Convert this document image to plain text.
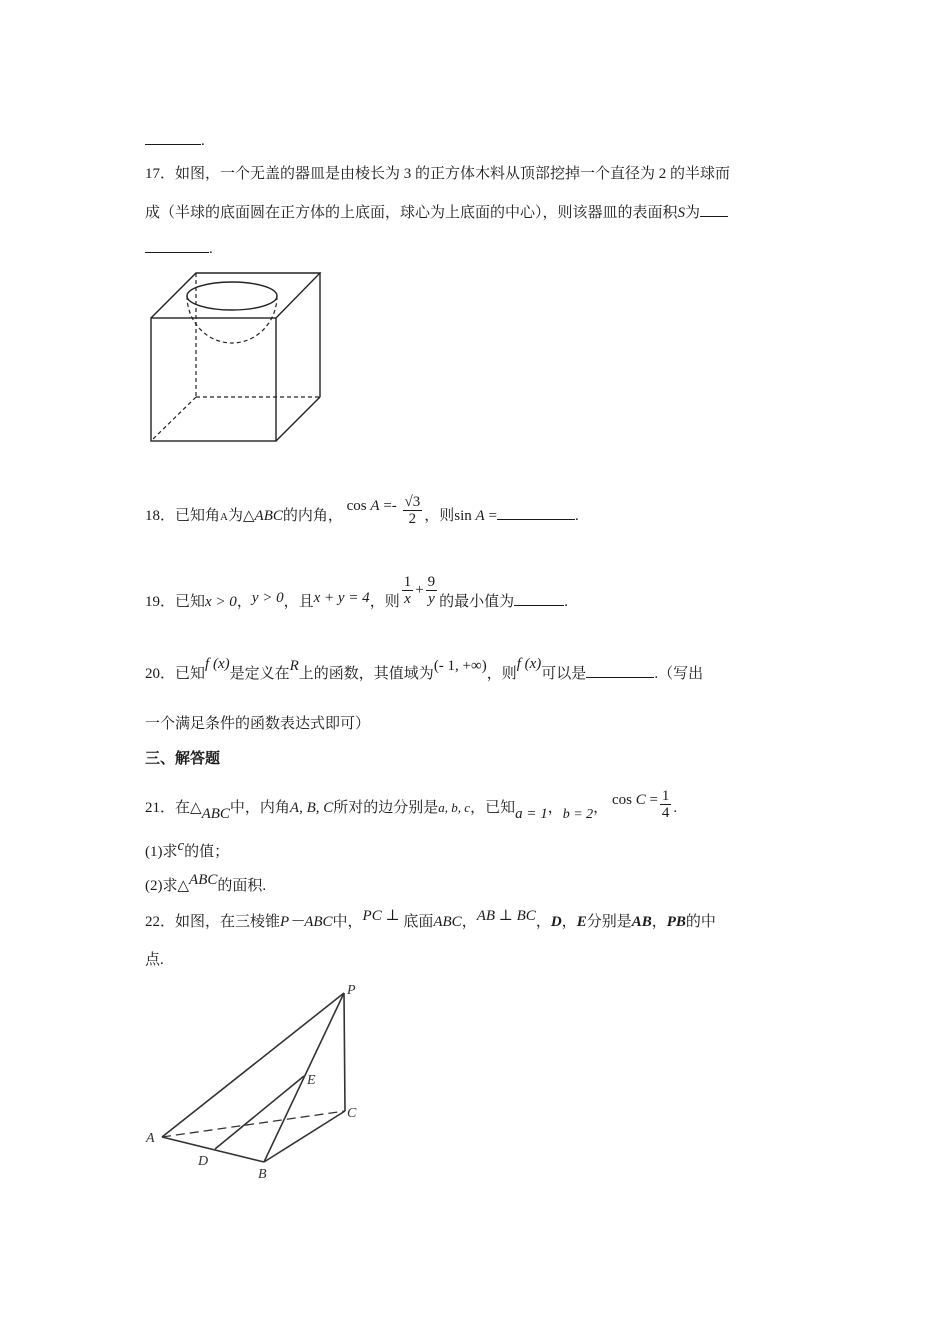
.
17．如图，一个无盖的器皿是由棱长为 3 的正方体木料从顶部挖掉一个直径为 2 的半球而
成（半球的底面圆在正方体的上底面，球心为上底面的中心），则该器皿的表面积S为
.
18．已知角A为△ABC的内角， $\cos A =- \frac{√3}{2}$ ，则sin A =	.
19．已知x > 0，y > 0，且x + y = 4，则 $\frac{1}{x} + \frac{9}{y}$ 的最小值为	.
20．已知f (x)是定义在R上的函数，其值域为(- 1, +∞)，则f (x)可以是	.（写出
一个满足条件的函数表达式即可）
三、解答题
21．在△ABC中，内角A, B, C所对的边分别是a, b, c，已知a = 1，b = 2， $\cos C = \frac{1}{4}$ .
(1)求c的值；
(2)求△ABC的面积.
22．如图，在三棱锥P－ABC中，PC ⊥ 底面ABC，AB ⊥ BC，D，E分别是AB，PB的中
点.
P
E
C
A
D
B
